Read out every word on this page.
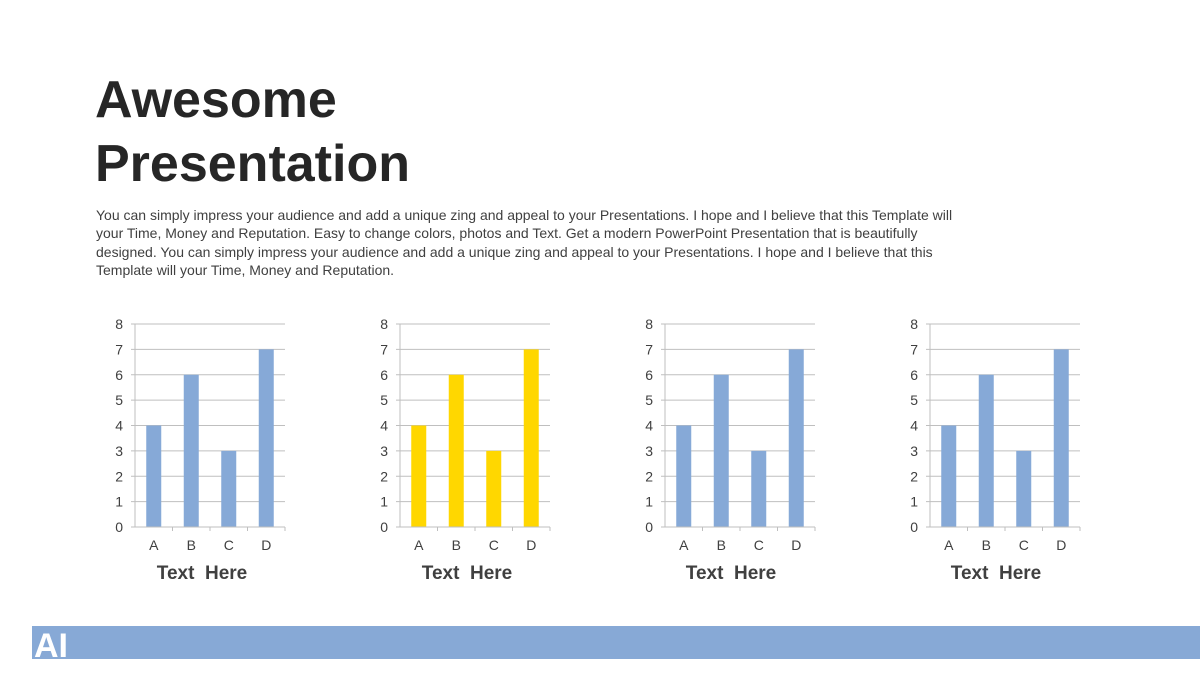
Awesome
Presentation

You can simply impress your audience and add a unique zing and appeal to your Presentations. I hope and I believe that this Template will your Time, Money and Reputation. Easy to change colors, photos and Text. Get a modern PowerPoint Presentation that is beautifully designed. You can simply impress your audience and add a unique zing and appeal to your Presentations. I hope and I believe that this Template will your Time, Money and Reputation.

0
1
2
3
4
5
6
7
8
A B C D
0
1
2
3
4
5
6
7
8
A B C D
0
1
2
3
4
5
6
7
8
A B C D
0
1
2
3
4
5
6
7
8
A B C D
Text  Here	Text  Here	Text  Here	Text  Here
AI
